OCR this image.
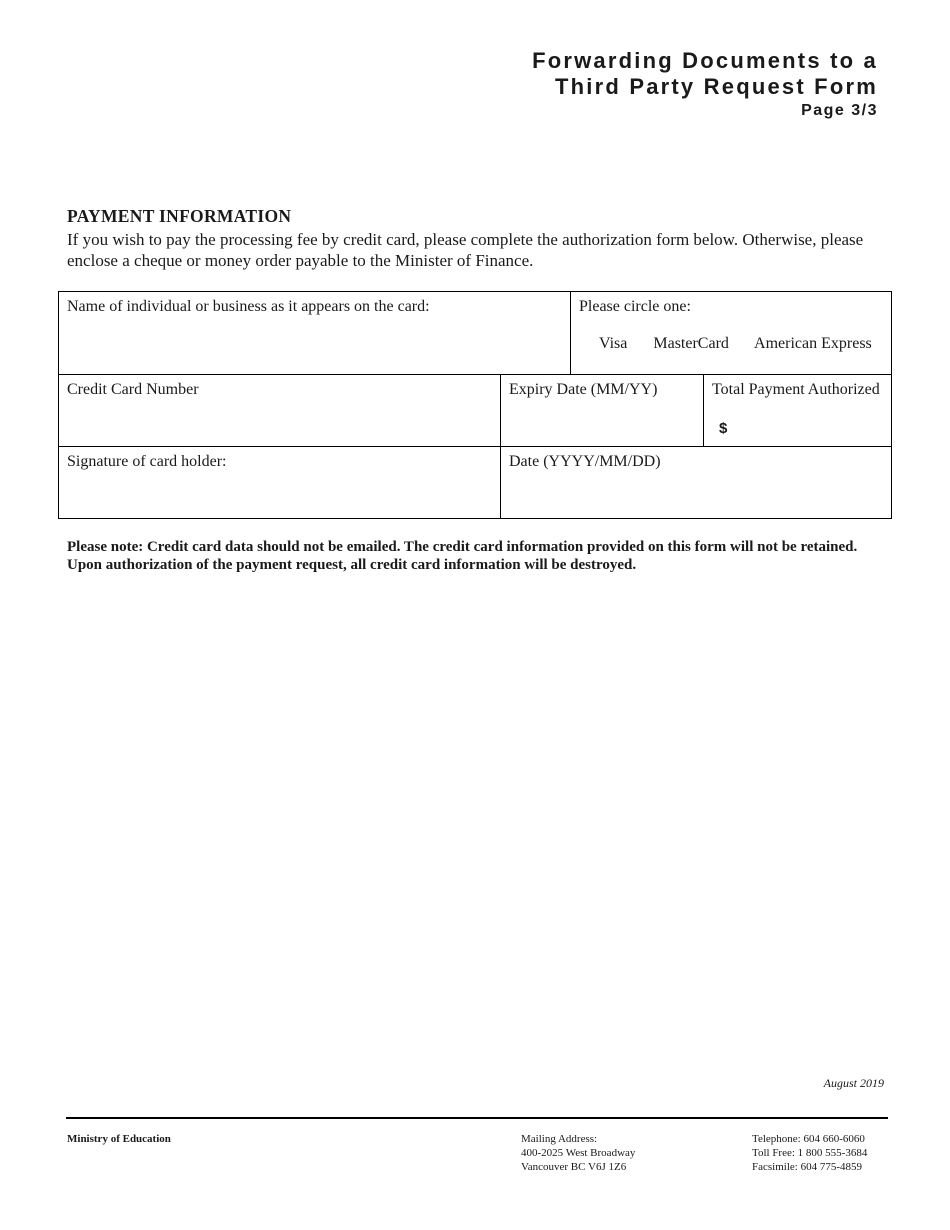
Forwarding Documents to a
Third Party Request Form
Page 3/3
PAYMENT INFORMATION
If you wish to pay the processing fee by credit card, please complete the authorization form below. Otherwise, please enclose a cheque or money order payable to the Minister of Finance.
Name of individual or business as it appears on the card:	Please circle one:
Visa MasterCard American Express
Credit Card Number	Expiry Date (MM/YY)	Total Payment Authorized
$
Signature of card holder:	Date (YYYY/MM/DD)
Please note: Credit card data should not be emailed. The credit card information provided on this form will not be retained. Upon authorization of the payment request, all credit card information will be destroyed.
August 2019
Ministry of Education	Mailing Address:
400-2025 West Broadway
Vancouver BC V6J 1Z6
Telephone: 604 660-6060
Toll Free: 1 800 555-3684
Facsimile: 604 775-4859
